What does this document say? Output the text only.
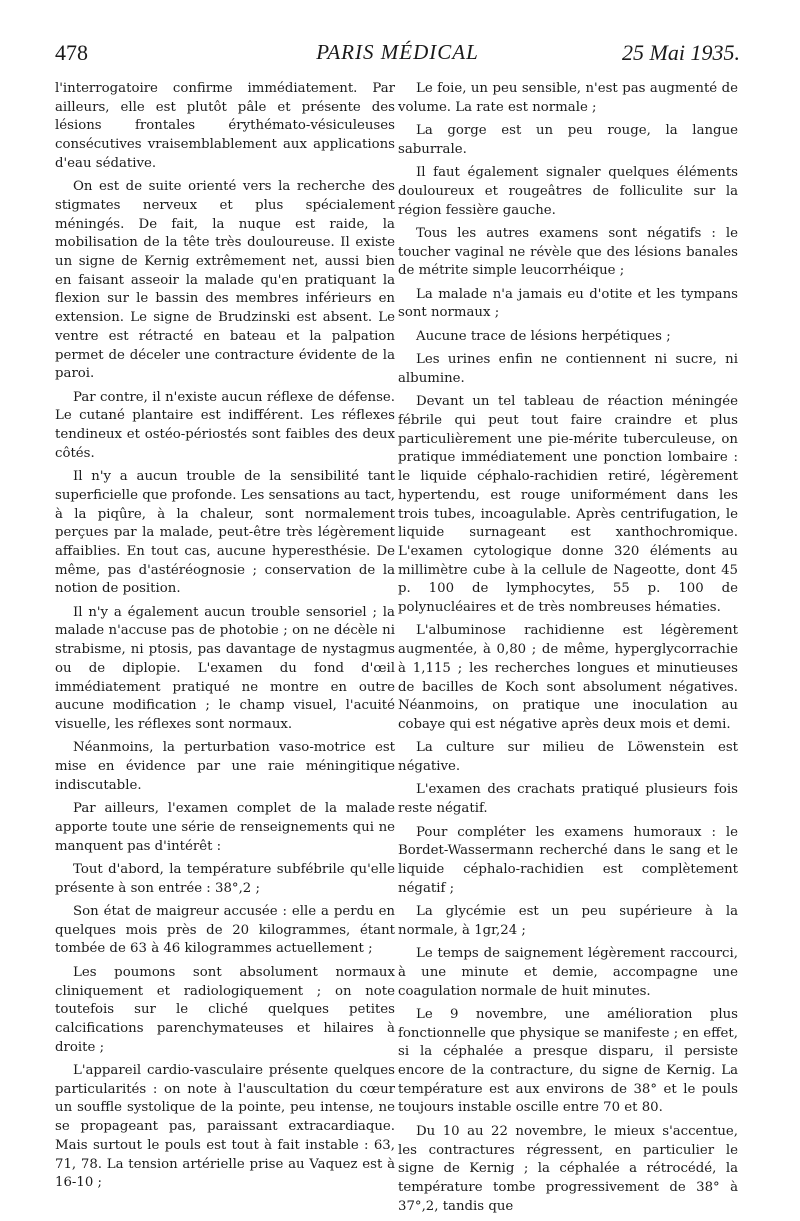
478	PARIS MÉDICAL	25 Mai 1935.

l'interrogatoire confirme immédiatement. Par ailleurs, elle est plutôt pâle et présente des lésions frontales érythémato-vésiculeuses consécutives vraisemblablement aux applications d'eau sédative.

On est de suite orienté vers la recherche des stigmates nerveux et plus spécialement méningés. De fait, la nuque est raide, la mobilisation de la tête très douloureuse. Il existe un signe de Kernig extrêmement net, aussi bien en faisant asseoir la malade qu'en pratiquant la flexion sur le bassin des membres inférieurs en extension. Le signe de Brudzinski est absent. Le ventre est rétracté en bateau et la palpation permet de déceler une contracture évidente de la paroi.

Par contre, il n'existe aucun réflexe de défense. Le cutané plantaire est indifférent. Les réflexes tendineux et ostéo-périostés sont faibles des deux côtés.

Il n'y a aucun trouble de la sensibilité tant superficielle que profonde. Les sensations au tact, à la piqûre, à la chaleur, sont normalement perçues par la malade, peut-être très légèrement affaiblies. En tout cas, aucune hyperesthésie. De même, pas d'astéréognosie ; conservation de la notion de position.

Il n'y a également aucun trouble sensoriel ; la malade n'accuse pas de photobie ; on ne décèle ni strabisme, ni ptosis, pas davantage de nystagmus ou de diplopie. L'examen du fond d'œil immédiatement pratiqué ne montre en outre aucune modification ; le champ visuel, l'acuité visuelle, les réflexes sont normaux.

Néanmoins, la perturbation vaso-motrice est mise en évidence par une raie méningitique indiscutable.

Par ailleurs, l'examen complet de la malade apporte toute une série de renseignements qui ne manquent pas d'intérêt :

Tout d'abord, la température subfébrile qu'elle présente à son entrée : 38°,2 ;

Son état de maigreur accusée : elle a perdu en quelques mois près de 20 kilogrammes, étant tombée de 63 à 46 kilogrammes actuellement ;

Les poumons sont absolument normaux cliniquement et radiologiquement ; on note toutefois sur le cliché quelques petites calcifications parenchymateuses et hilaires à droite ;

L'appareil cardio-vasculaire présente quelques particularités : on note à l'auscultation du cœur un souffle systolique de la pointe, peu intense, ne se propageant pas, paraissant extracardiaque. Mais surtout le pouls est tout à fait instable : 63, 71, 78. La tension artérielle prise au Vaquez est à 16-10 ;

Le foie, un peu sensible, n'est pas augmenté de volume. La rate est normale ;

La gorge est un peu rouge, la langue saburrale.

Il faut également signaler quelques éléments douloureux et rougeâtres de folliculite sur la région fessière gauche.

Tous les autres examens sont négatifs : le toucher vaginal ne révèle que des lésions banales de métrite simple leucorrhéique ;

La malade n'a jamais eu d'otite et les tympans sont normaux ;

Aucune trace de lésions herpétiques ;

Les urines enfin ne contiennent ni sucre, ni albumine.

Devant un tel tableau de réaction méningée fébrile qui peut tout faire craindre et plus particulièrement une pie-mérite tuberculeuse, on pratique immédiatement une ponction lombaire : le liquide céphalo-rachidien retiré, légèrement hypertendu, est rouge uniformément dans les trois tubes, incoagulable. Après centrifugation, le liquide surnageant est xanthochromique. L'examen cytologique donne 320 éléments au millimètre cube à la cellule de Nageotte, dont 45 p. 100 de lymphocytes, 55 p. 100 de polynucléaires et de très nombreuses hématies.

L'albuminose rachidienne est légèrement augmentée, à 0,80 ; de même, hyperglycorrachie à 1,115 ; les recherches longues et minutieuses de bacilles de Koch sont absolument négatives. Néanmoins, on pratique une inoculation au cobaye qui est négative après deux mois et demi.

La culture sur milieu de Löwenstein est négative.

L'examen des crachats pratiqué plusieurs fois reste négatif.

Pour compléter les examens humoraux : le Bordet-Wassermann recherché dans le sang et le liquide céphalo-rachidien est complètement négatif ;

La glycémie est un peu supérieure à la normale, à 1gr,24 ;

Le temps de saignement légèrement raccourci, à une minute et demie, accompagne une coagulation normale de huit minutes.

Le 9 novembre, une amélioration plus fonctionnelle que physique se manifeste ; en effet, si la céphalée a presque disparu, il persiste encore de la contracture, du signe de Kernig. La température est aux environs de 38° et le pouls toujours instable oscille entre 70 et 80.

Du 10 au 22 novembre, le mieux s'accentue, les contractures régressent, en particulier le signe de Kernig ; la céphalée a rétrocédé, la température tombe progressivement de 38° à 37°,2, tandis que
